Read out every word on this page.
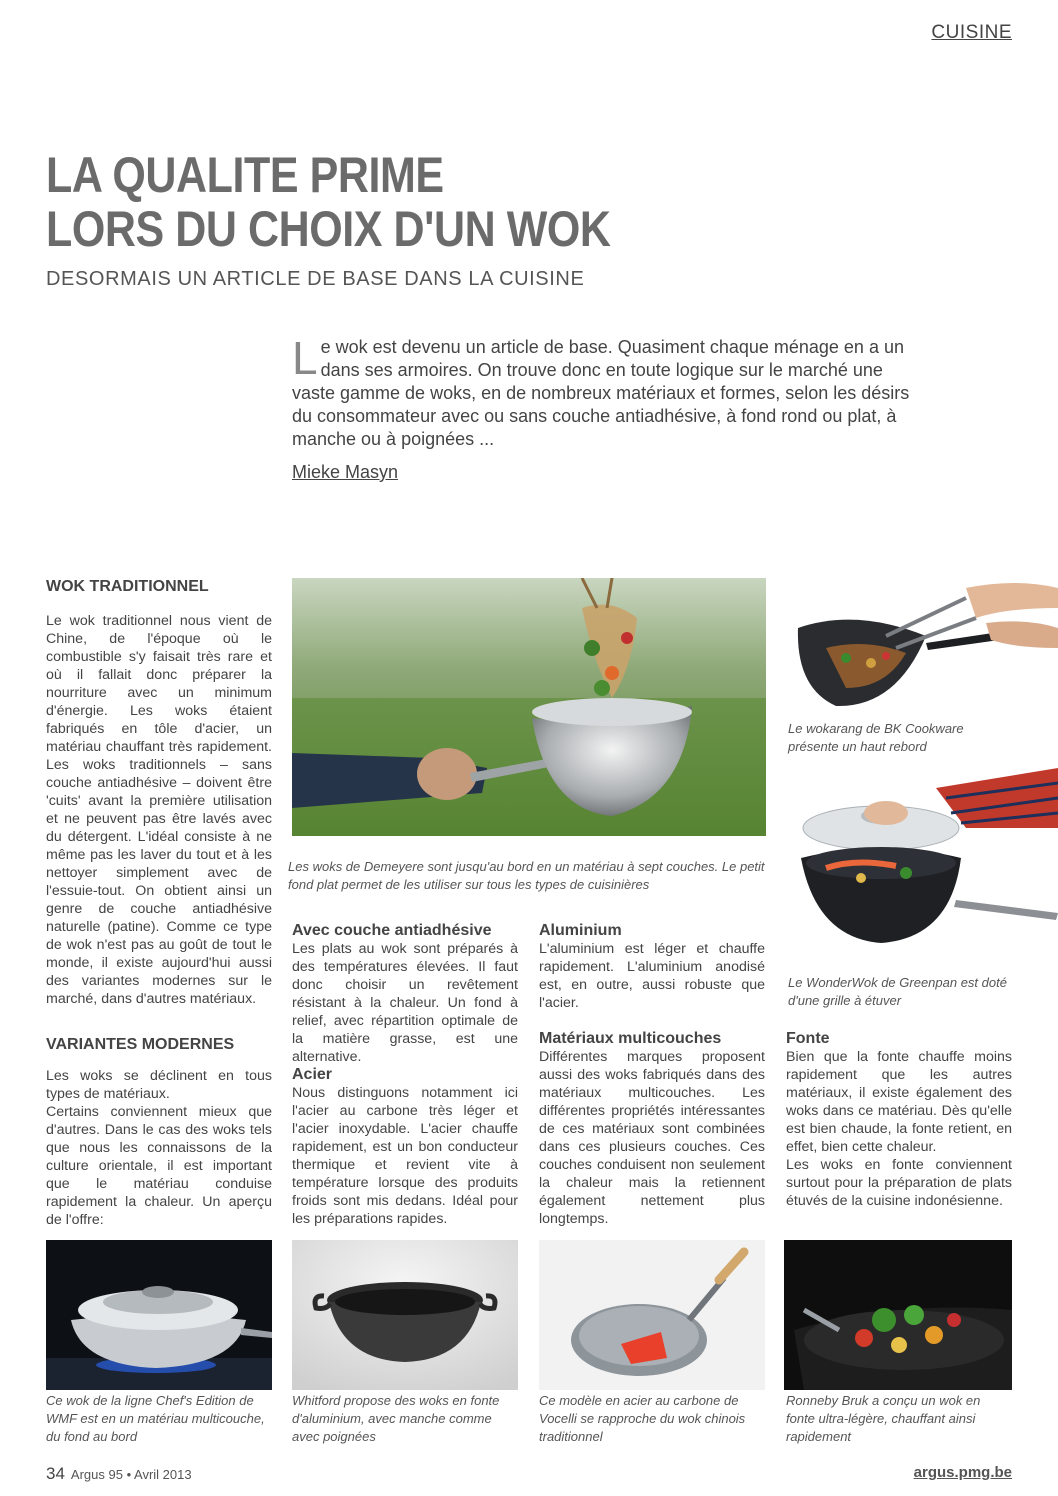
CUISINE
LA QUALITE PRIME
LORS DU CHOIX D'UN WOK
DESORMAIS UN ARTICLE DE BASE DANS LA CUISINE
Le wok est devenu un article de base. Quasiment chaque ménage en a un dans ses armoires. On trouve donc en toute logique sur le marché une vaste gamme de woks, en de nombreux matériaux et formes, selon les désirs du consommateur avec ou sans couche antiadhésive, à fond rond ou plat, à manche ou à poignées ...
Mieke Masyn
WOK TRADITIONNEL
Le wok traditionnel nous vient de Chine, de l'époque où le combustible s'y faisait très rare et où il fallait donc préparer la nourriture avec un minimum d'énergie. Les woks étaient fabriqués en tôle d'acier, un matériau chauffant très rapidement. Les woks traditionnels – sans couche antiadhésive – doivent être 'cuits' avant la première utilisation et ne peuvent pas être lavés avec du détergent. L'idéal consiste à ne même pas les laver du tout et à les nettoyer simplement avec de l'essuie-tout. On obtient ainsi un genre de couche antiadhésive naturelle (patine). Comme ce type de wok n'est pas au goût de tout le monde, il existe aujourd'hui aussi des variantes modernes sur le marché, dans d'autres matériaux.
VARIANTES MODERNES
Les woks se déclinent en tous types de matériaux.
Certains conviennent mieux que d'autres. Dans le cas des woks tels que nous les connaissons de la culture orientale, il est important que le matériau conduise rapidement la chaleur. Un aperçu de l'offre:
Les woks de Demeyere sont jusqu'au bord en un matériau à sept couches. Le petit fond plat permet de les utiliser sur tous les types de cuisinières
Le wokarang de BK Cookware présente un haut rebord
Le WonderWok de Greenpan est doté d'une grille à étuver
Avec couche antiadhésive
Les plats au wok sont préparés à des températures élevées. Il faut donc choisir un revêtement résistant à la chaleur. Un fond à relief, avec répartition optimale de la matière grasse, est une alternative.
Acier
Nous distinguons notamment ici l'acier au carbone très léger et l'acier inoxydable. L'acier chauffe rapidement, est un bon conducteur thermique et revient vite à température lorsque des produits froids sont mis dedans. Idéal pour les préparations rapides.
Aluminium
L'aluminium est léger et chauffe rapidement. L'aluminium anodisé est, en outre, aussi robuste que l'acier.
Matériaux multicouches
Différentes marques proposent aussi des woks fabriqués dans des matériaux multicouches. Les différentes propriétés intéressantes de ces matériaux sont combinées dans ces plusieurs couches. Ces couches conduisent non seulement la chaleur mais la retiennent également nettement plus longtemps.
Fonte
Bien que la fonte chauffe moins rapidement que les autres matériaux, il existe également des woks dans ce matériau. Dès qu'elle est bien chaude, la fonte retient, en effet, bien cette chaleur.
Les woks en fonte conviennent surtout pour la préparation de plats étuvés de la cuisine indonésienne.
Ce wok de la ligne Chef's Edition de WMF est en un matériau multicouche, du fond au bord
Whitford propose des woks en fonte d'aluminium, avec manche comme avec poignées
Ce modèle en acier au carbone de Vocelli se rapproche du wok chinois traditionnel
Ronneby Bruk a conçu un wok en fonte ultra-légère, chauffant ainsi rapidement
34 Argus 95 • Avril 2013	argus.pmg.be
